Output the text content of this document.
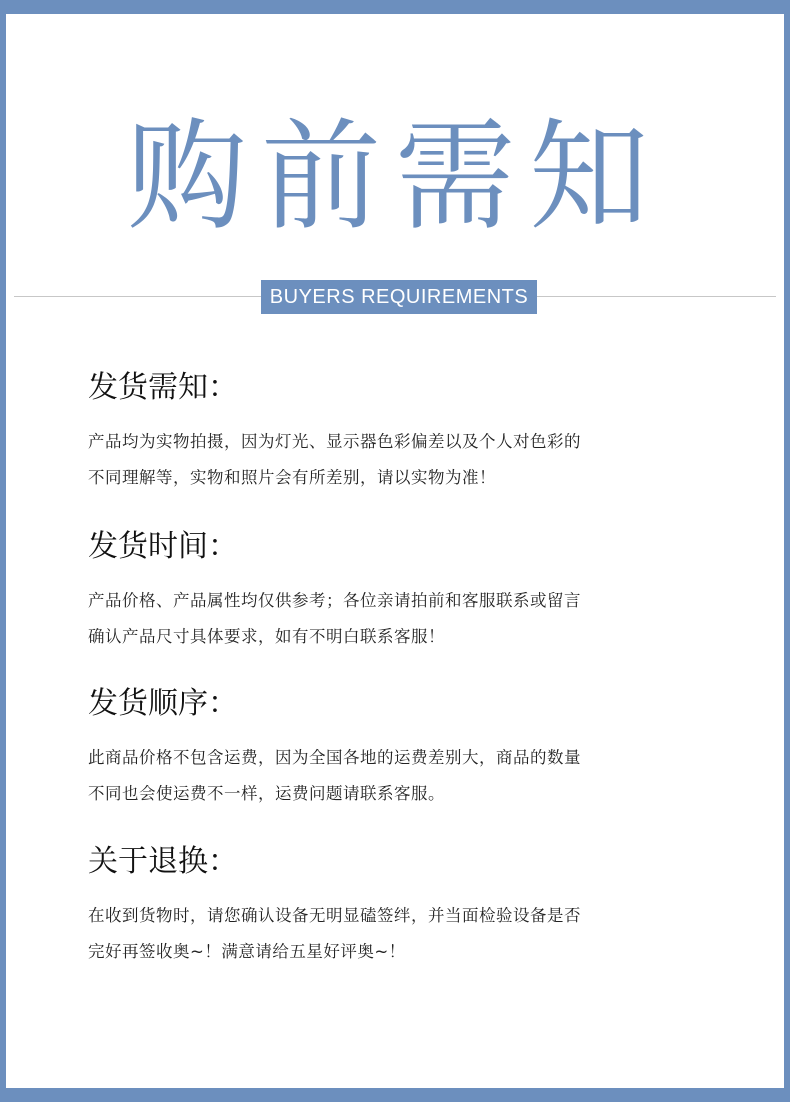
购前需知
BUYERS REQUIREMENTS
发货需知：

产品均为实物拍摄，因为灯光、显示器色彩偏差以及个人对色彩的
不同理解等，实物和照片会有所差别，请以实物为准！

发货时间：

产品价格、产品属性均仅供参考；各位亲请拍前和客服联系或留言
确认产品尺寸具体要求，如有不明白联系客服！

发货顺序：

此商品价格不包含运费，因为全国各地的运费差别大，商品的数量
不同也会使运费不一样，运费问题请联系客服。

关于退换：

在收到货物时，请您确认设备无明显磕签绊，并当面检验设备是否
完好再签收奥~！满意请给五星好评奥~！
